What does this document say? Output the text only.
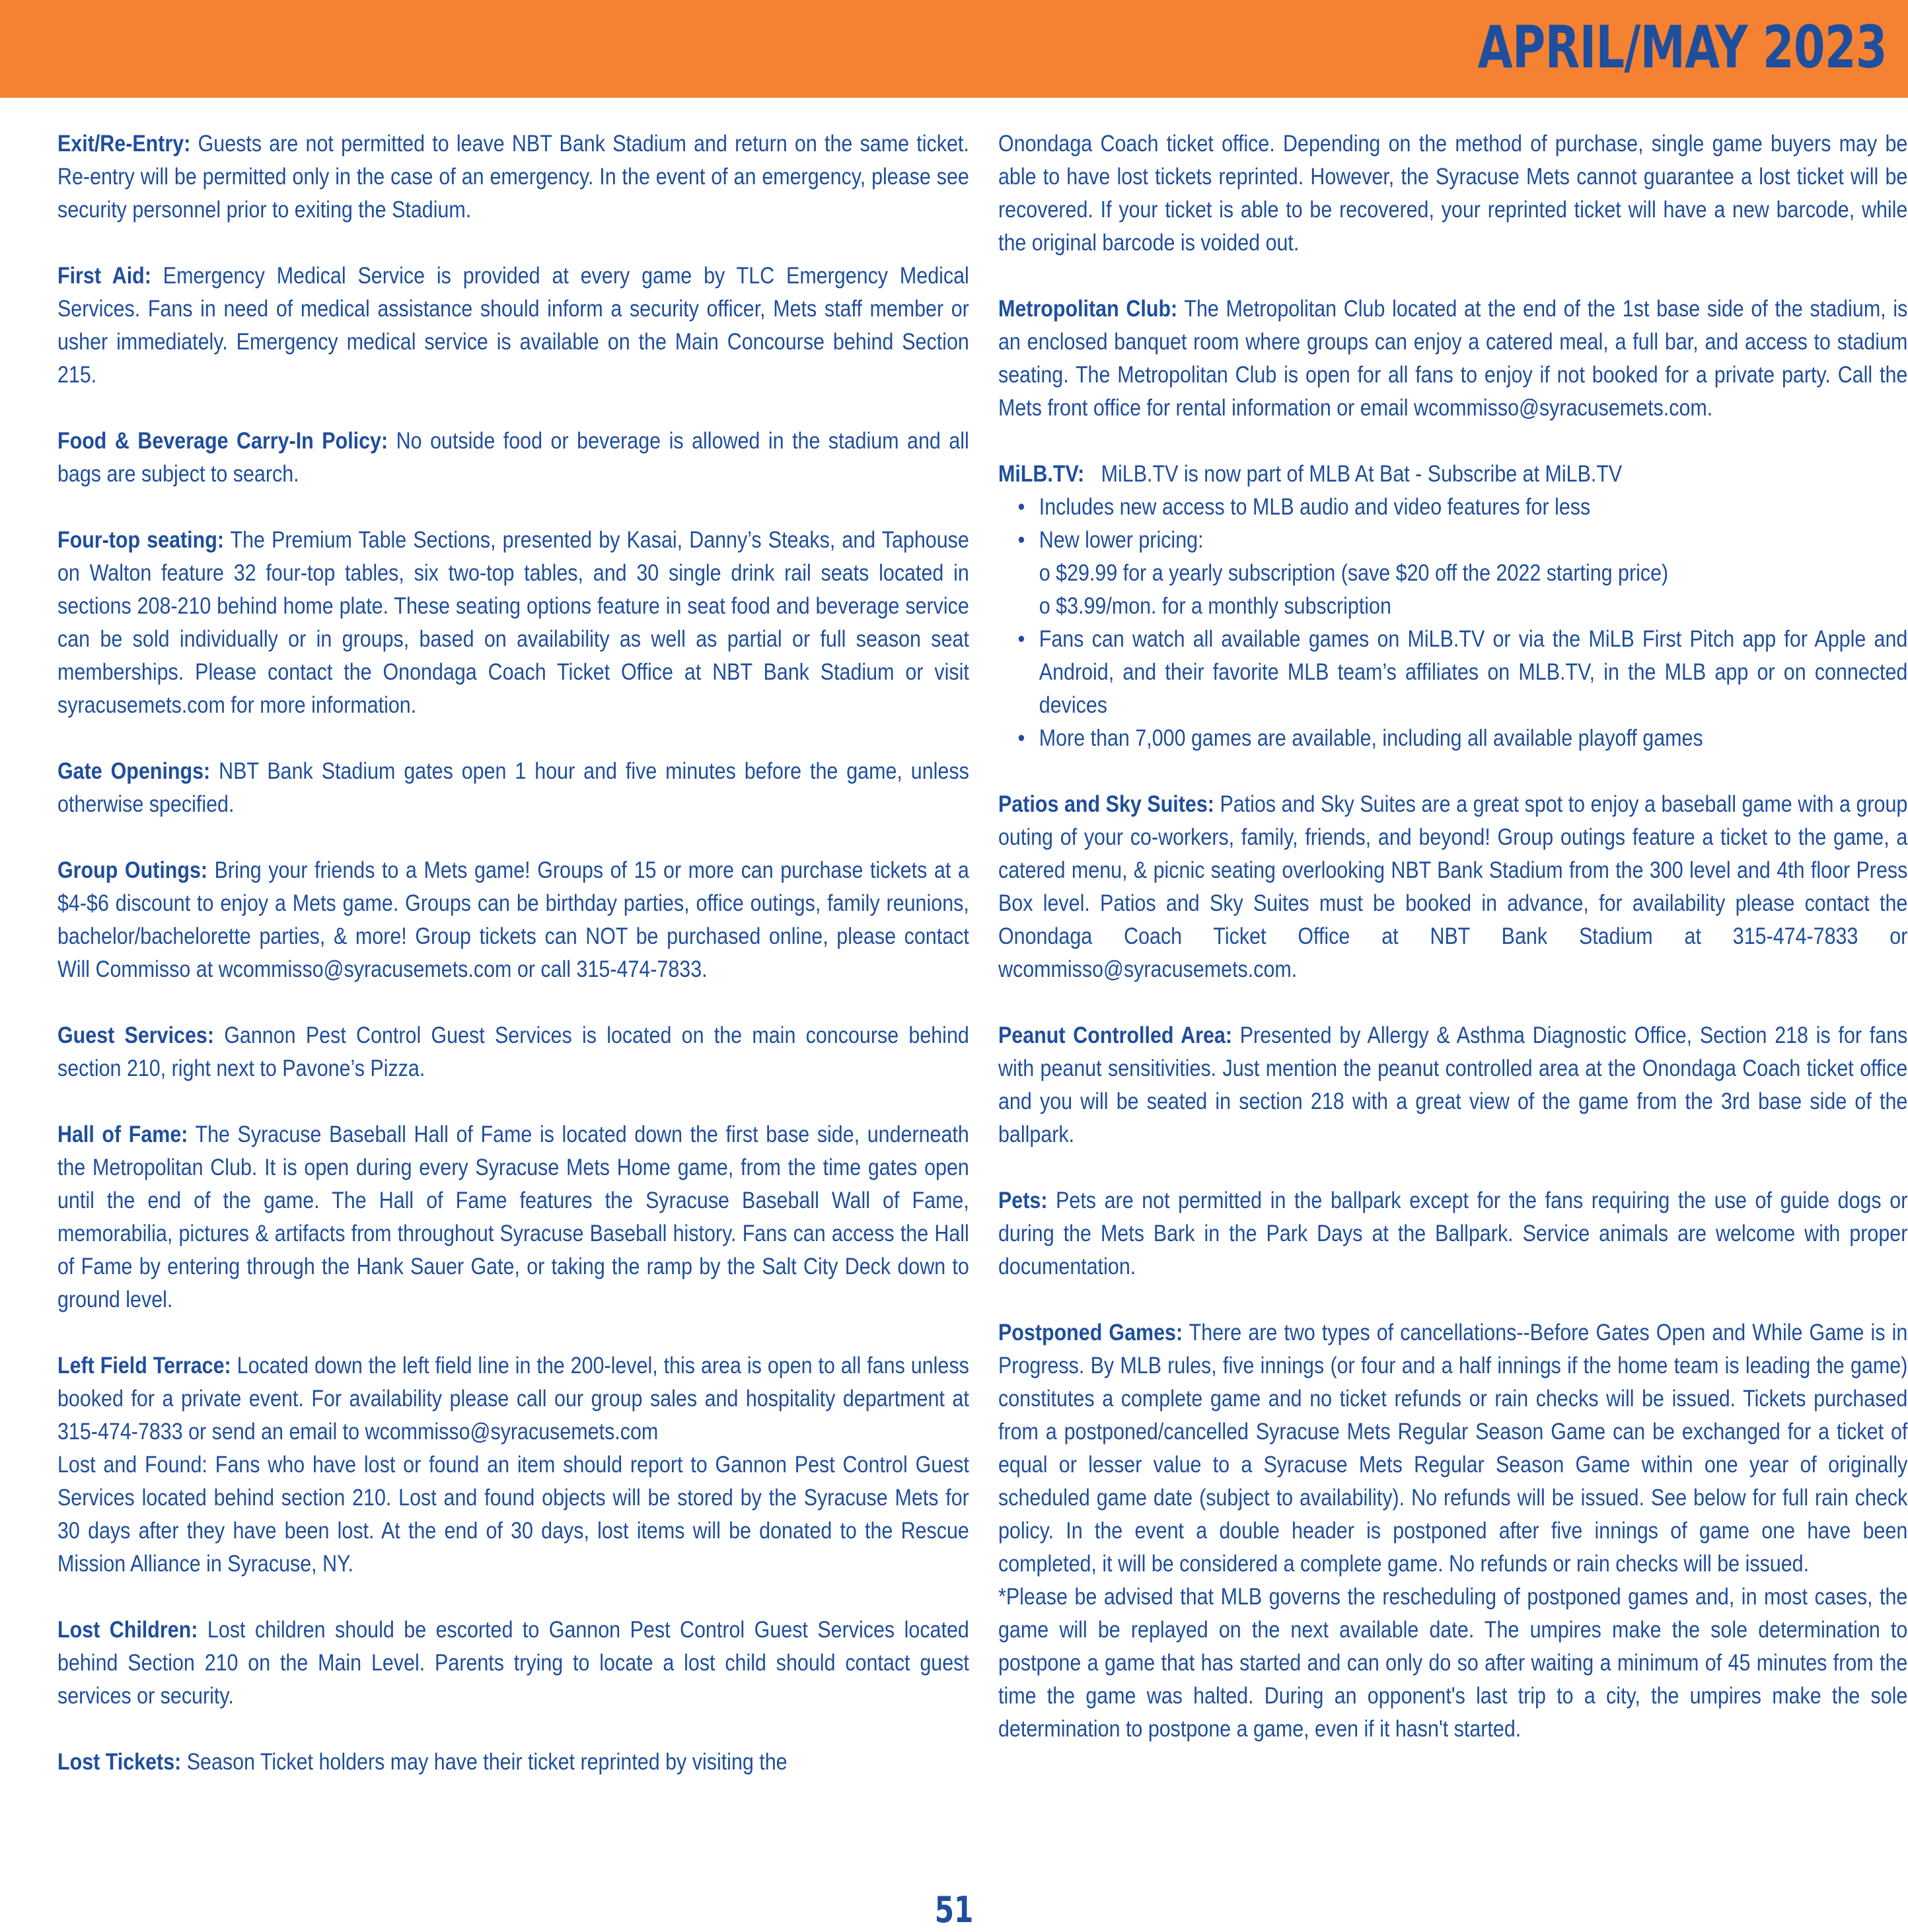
APRIL/MAY 2023

Exit/Re-Entry: Guests are not permitted to leave NBT Bank Stadium and return on the same ticket. Re-entry will be permitted only in the case of an emergency. In the event of an emergency, please see security personnel prior to exiting the Stadium.

First Aid: Emergency Medical Service is provided at every game by TLC Emergency Medical Services. Fans in need of medical assistance should inform a security officer, Mets staff member or usher immediately. Emergency medical service is available on the Main Concourse behind Section 215.

Food & Beverage Carry-In Policy: No outside food or beverage is allowed in the stadium and all bags are subject to search.

Four-top seating: The Premium Table Sections, presented by Kasai, Danny’s Steaks, and Taphouse on Walton feature 32 four-top tables, six two-top tables, and 30 single drink rail seats located in sections 208-210 behind home plate. These seating options feature in seat food and beverage service can be sold individually or in groups, based on availability as well as partial or full season seat memberships. Please contact the Onondaga Coach Ticket Office at NBT Bank Stadium or visit syracusemets.com for more information.

Gate Openings: NBT Bank Stadium gates open 1 hour and five minutes before the game, unless otherwise specified.

Group Outings: Bring your friends to a Mets game! Groups of 15 or more can purchase tickets at a $4-$6 discount to enjoy a Mets game. Groups can be birthday parties, office outings, family reunions, bachelor/bachelorette parties, & more! Group tickets can NOT be purchased online, please contact Will Commisso at wcommisso@syracusemets.com or call 315-474-7833.

Guest Services: Gannon Pest Control Guest Services is located on the main concourse behind section 210, right next to Pavone’s Pizza.

Hall of Fame: The Syracuse Baseball Hall of Fame is located down the first base side, underneath the Metropolitan Club. It is open during every Syracuse Mets Home game, from the time gates open until the end of the game. The Hall of Fame features the Syracuse Baseball Wall of Fame, memorabilia, pictures & artifacts from throughout Syracuse Baseball history. Fans can access the Hall of Fame by entering through the Hank Sauer Gate, or taking the ramp by the Salt City Deck down to ground level.

Left Field Terrace: Located down the left field line in the 200-level, this area is open to all fans unless booked for a private event. For availability please call our group sales and hospitality department at 315-474-7833 or send an email to wcommisso@syracusemets.com

Lost and Found: Fans who have lost or found an item should report to Gannon Pest Control Guest Services located behind section 210. Lost and found objects will be stored by the Syracuse Mets for 30 days after they have been lost. At the end of 30 days, lost items will be donated to the Rescue Mission Alliance in Syracuse, NY.

Lost Children: Lost children should be escorted to Gannon Pest Control Guest Services located behind Section 210 on the Main Level. Parents trying to locate a lost child should contact guest services or security.

Lost Tickets: Season Ticket holders may have their ticket reprinted by visiting the

Onondaga Coach ticket office. Depending on the method of purchase, single game buyers may be able to have lost tickets reprinted. However, the Syracuse Mets cannot guarantee a lost ticket will be recovered. If your ticket is able to be recovered, your reprinted ticket will have a new barcode, while the original barcode is voided out.

Metropolitan Club: The Metropolitan Club located at the end of the 1st base side of the stadium, is an enclosed banquet room where groups can enjoy a catered meal, a full bar, and access to stadium seating. The Metropolitan Club is open for all fans to enjoy if not booked for a private party. Call the Mets front office for rental information or email wcommisso@syracusemets.com.

MiLB.TV:   MiLB.TV is now part of MLB At Bat - Subscribe at MiLB.TV
• Includes new access to MLB audio and video features for less
• New lower pricing:
o $29.99 for a yearly subscription (save $20 off the 2022 starting price)
o $3.99/mon. for a monthly subscription
• Fans can watch all available games on MiLB.TV or via the MiLB First Pitch app for Apple and Android, and their favorite MLB team’s affiliates on MLB.TV, in the MLB app or on connected devices
• More than 7,000 games are available, including all available playoff games

Patios and Sky Suites: Patios and Sky Suites are a great spot to enjoy a baseball game with a group outing of your co-workers, family, friends, and beyond! Group outings feature a ticket to the game, a catered menu, & picnic seating overlooking NBT Bank Stadium from the 300 level and 4th floor Press Box level. Patios and Sky Suites must be booked in advance, for availability please contact the Onondaga Coach Ticket Office at NBT Bank Stadium at 315-474-7833 or wcommisso@syracusemets.com.

Peanut Controlled Area: Presented by Allergy & Asthma Diagnostic Office, Section 218 is for fans with peanut sensitivities. Just mention the peanut controlled area at the Onondaga Coach ticket office and you will be seated in section 218 with a great view of the game from the 3rd base side of the ballpark.

Pets: Pets are not permitted in the ballpark except for the fans requiring the use of guide dogs or during the Mets Bark in the Park Days at the Ballpark. Service animals are welcome with proper documentation.

Postponed Games: There are two types of cancellations--Before Gates Open and While Game is in Progress. By MLB rules, five innings (or four and a half innings if the home team is leading the game) constitutes a complete game and no ticket refunds or rain checks will be issued. Tickets purchased from a postponed/cancelled Syracuse Mets Regular Season Game can be exchanged for a ticket of equal or lesser value to a Syracuse Mets Regular Season Game within one year of originally scheduled game date (subject to availability). No refunds will be issued. See below for full rain check policy. In the event a double header is postponed after five innings of game one have been completed, it will be considered a complete game. No refunds or rain checks will be issued.

*Please be advised that MLB governs the rescheduling of postponed games and, in most cases, the game will be replayed on the next available date. The umpires make the sole determination to postpone a game that has started and can only do so after waiting a minimum of 45 minutes from the time the game was halted. During an opponent's last trip to a city, the umpires make the sole determination to postpone a game, even if it hasn't started.

51
